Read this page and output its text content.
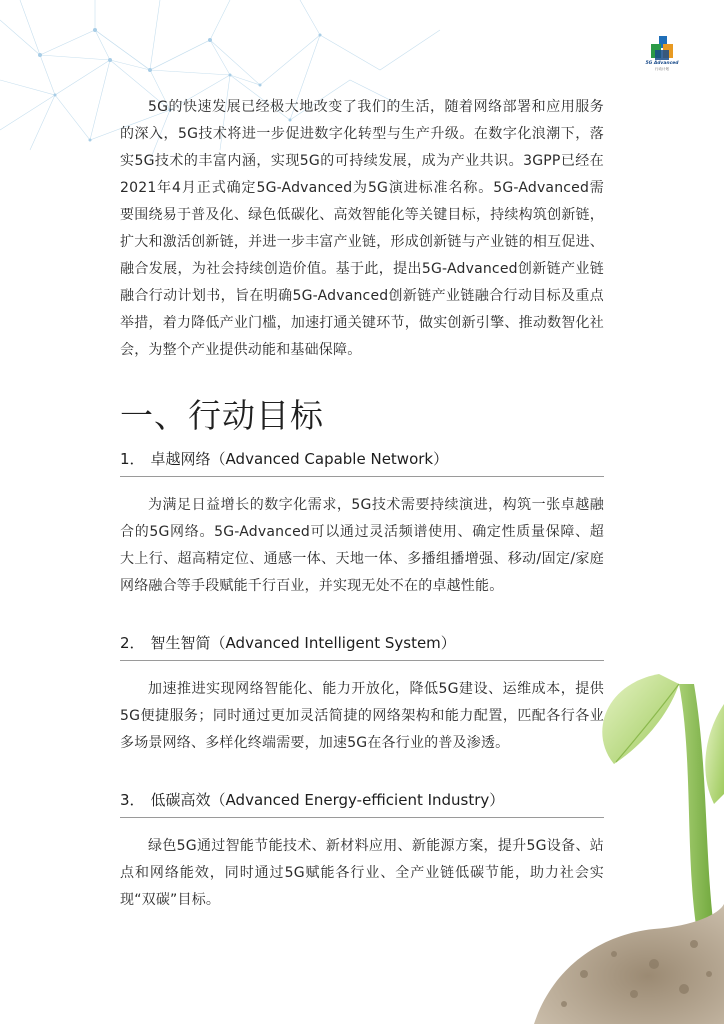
5G Advanced
行动计划

5G的快速发展已经极大地改变了我们的生活，随着网络部署和应用服务的深入，5G技术将进一步促进数字化转型与生产升级。在数字化浪潮下，落实5G技术的丰富内涵，实现5G的可持续发展，成为产业共识。3GPP已经在2021年4月正式确定5G-Advanced为5G演进标准名称。5G-Advanced需要围绕易于普及化、绿色低碳化、高效智能化等关键目标，持续构筑创新链，扩大和激活创新链，并进一步丰富产业链，形成创新链与产业链的相互促进、融合发展，为社会持续创造价值。基于此，提出5G-Advanced创新链产业链融合行动计划书，旨在明确5G-Advanced创新链产业链融合行动目标及重点举措，着力降低产业门槛，加速打通关键环节，做实创新引擎、推动数智化社会，为整个产业提供动能和基础保障。

一、行动目标
1． 卓越网络（Advanced Capable Network）

为满足日益增长的数字化需求，5G技术需要持续演进，构筑一张卓越融合的5G网络。5G-Advanced可以通过灵活频谱使用、确定性质量保障、超大上行、超高精定位、通感一体、天地一体、多播组播增强、移动/固定/家庭网络融合等手段赋能千行百业，并实现无处不在的卓越性能。

2． 智生智简（Advanced Intelligent System）

加速推进实现网络智能化、能力开放化，降低5G建设、运维成本，提供5G便捷服务；同时通过更加灵活简捷的网络架构和能力配置，匹配各行各业多场景网络、多样化终端需要，加速5G在各行业的普及渗透。

3． 低碳高效（Advanced Energy-efficient Industry）

绿色5G通过智能节能技术、新材料应用、新能源方案，提升5G设备、站点和网络能效，同时通过5G赋能各行业、全产业链低碳节能，助力社会实现“双碳”目标。
